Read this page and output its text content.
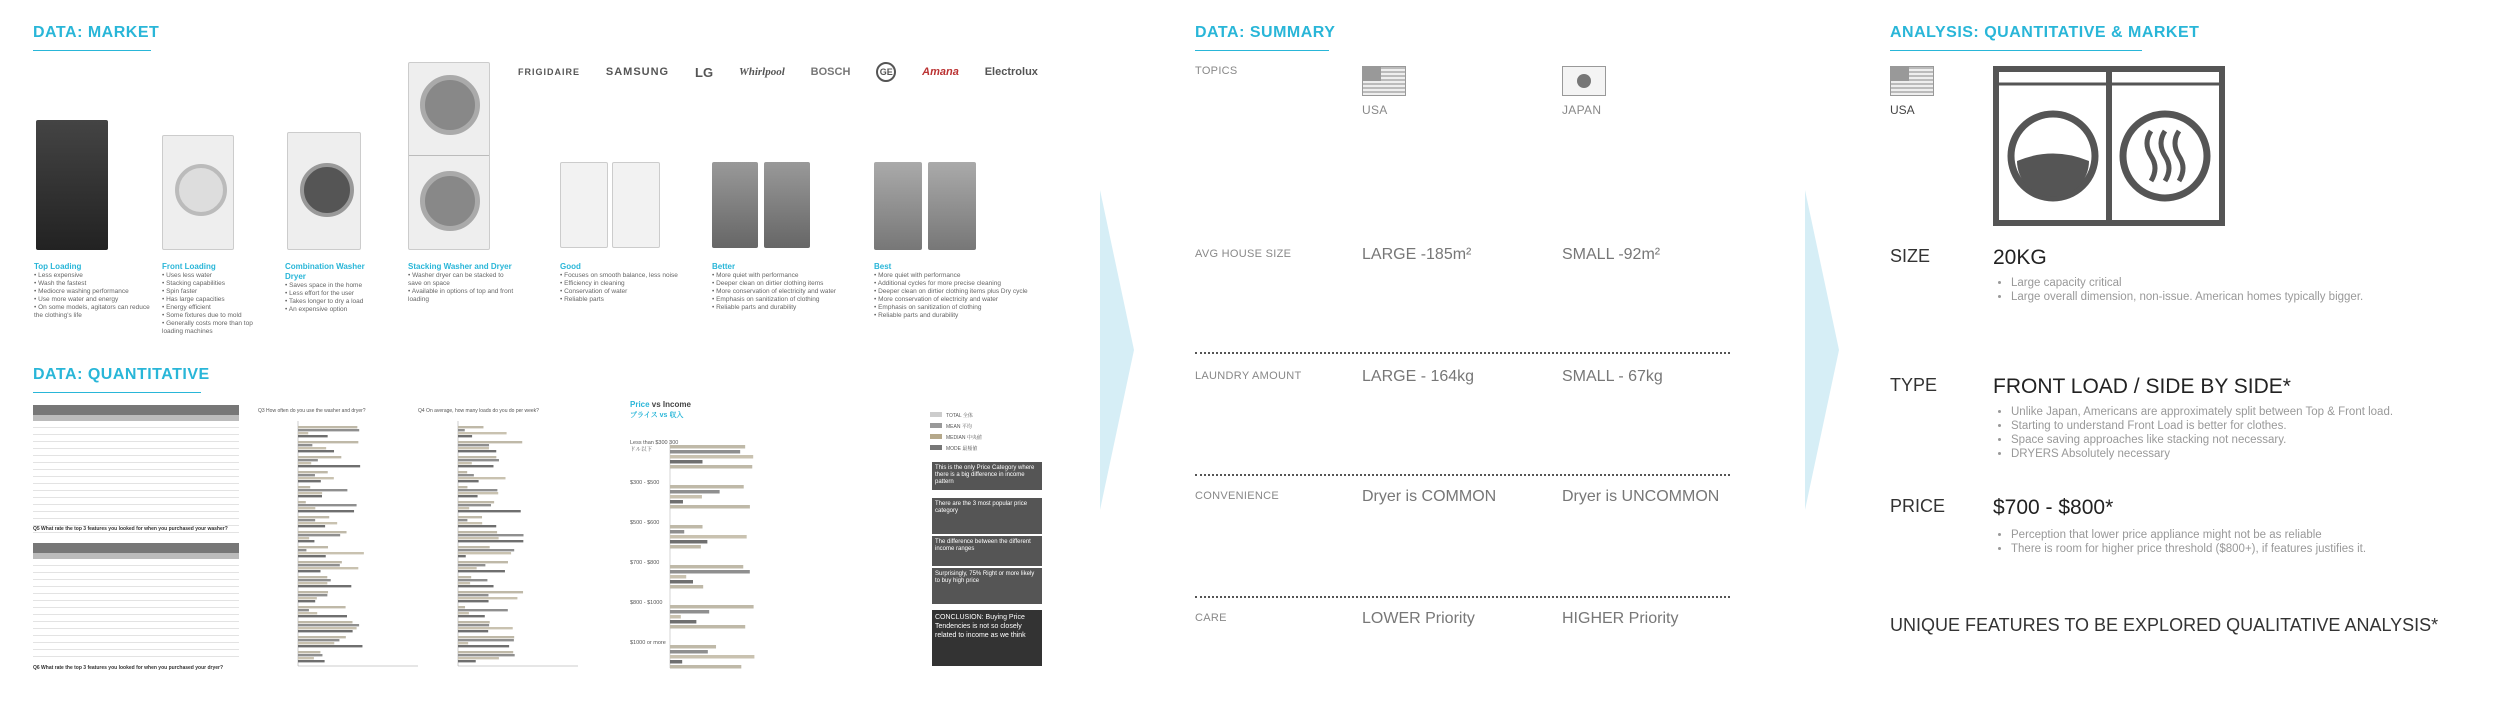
DATA: MARKET
FRIGIDAIRE SAMSUNG LG Whirlpool BOSCH	GE	Amana Electrolux
Top Loading
• Less expensive
• Wash the fastest
• Mediocre washing performance
• Use more water and energy
• On some models, agitators can reduce the clothing's life
Front Loading
• Uses less water
• Stacking capabilities
• Spin faster
• Has large capacities
• Energy efficient
• Some fixtures due to mold
• Generally costs more than top loading machines
Combination Washer Dryer
• Saves space in the home
• Less effort for the user
• Takes longer to dry a load
• An expensive option
Stacking Washer and Dryer
• Washer dryer can be stacked to save on space
• Available in options of top and front loading
Good
• Focuses on smooth balance, less noise
• Efficiency in cleaning
• Conservation of water
• Reliable parts
Better
• More quiet with performance
• Deeper clean on dirtier clothing items
• More conservation of electricity and water
• Emphasis on sanitization of clothing
• Reliable parts and durability
Best
• More quiet with performance
• Additional cycles for more precise cleaning
• Deeper clean on dirtier clothing items plus Dry cycle
• More conservation of electricity and water
• Emphasis on sanitization of clothing
• Reliable parts and durability
DATA: QUANTITATIVE
Q5 What rate the top 3 features you looked for when you purchased your washer?
Q6 What rate the top 3 features you looked for when you purchased your dryer?
Q3 How often do you use the washer and dryer?	Q4 On average, how many loads do you do per week?
Price vs Income
プライス vs 収入
Less than $300 300ドル以下
$300 - $500
$500 - $600
$700 - $800
$800 - $1000
$1000 or more
TOTAL 全体
MEAN 平均
MEDIAN 中央値
MODE 最頻値
This is the only Price Category where there is a big difference in income pattern
There are the 3 most popular price category
The difference between the different income ranges
Surprisingly, 75% Right or more likely to buy high price
CONCLUSION: Buying Price Tendencies is not so closely related to income as we think
DATA: SUMMARY
TOPICS
USA	JAPAN
AVG HOUSE SIZE	LARGE -185m²	SMALL -92m²
LAUNDRY AMOUNT	LARGE - 164kg	SMALL - 67kg
CONVENIENCE	Dryer is COMMON	Dryer is UNCOMMON
CARE	LOWER Priority	HIGHER Priority
ANALYSIS: QUANTITATIVE & MARKET
USA
SIZE	20KG
• Large capacity critical
• Large overall dimension, non-issue. American homes typically bigger.
TYPE	FRONT LOAD / SIDE BY SIDE*
• Unlike Japan, Americans are approximately split between Top & Front load.
• Starting to understand Front Load is better for clothes.
• Space saving approaches like stacking not necessary.
• DRYERS Absolutely necessary
PRICE $700 - $800*
• Perception that lower price appliance might not be as reliable
• There is room for higher price threshold ($800+), if features justifies it.
UNIQUE FEATURES TO BE EXPLORED QUALITATIVE ANALYSIS*
